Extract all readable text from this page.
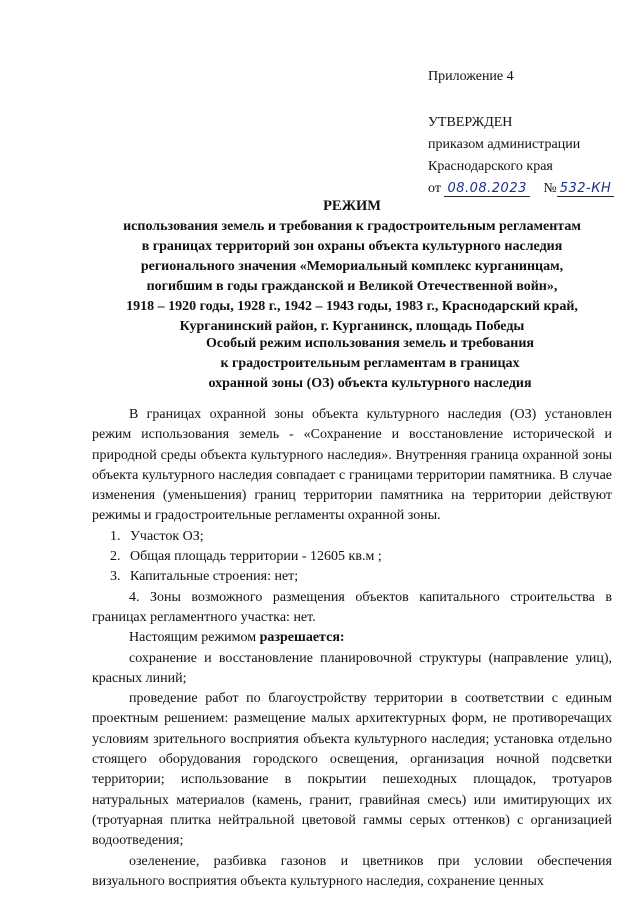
Приложение 4
УТВЕРЖДЕН
приказом администрации
Краснодарского края
от 08.08.2023 № 532-КН
РЕЖИМ
использования земель и требования к градостроительным регламентам
в границах территорий зон охраны объекта культурного наследия
регионального значения «Мемориальный комплекс курганинцам,
погибшим в годы гражданской и Великой Отечественной войн»,
1918 – 1920 годы, 1928 г., 1942 – 1943 годы, 1983 г., Краснодарский край,
Курганинский район, г. Курганинск, площадь Победы
Особый режим использования земель и требования
к градостроительным регламентам в границах
охранной зоны (ОЗ) объекта культурного наследия

В границах охранной зоны объекта культурного наследия (ОЗ) установлен режим использования земель - «Сохранение и восстановление исторической и природной среды объекта культурного наследия». Внутренняя граница охранной зоны объекта культурного наследия совпадает с границами территории памятника. В случае изменения (уменьшения) границ территории памятника на территории действуют режимы и градостроительные регламенты охранной зоны.

1. Участок ОЗ;

2. Общая площадь территории - 12605 кв.м ;

3. Капитальные строения: нет;

4. Зоны возможного размещения объектов капитального строительства в границах регламентного участка: нет.

Настоящим режимом разрешается:

сохранение и восстановление планировочной структуры (направление улиц), красных линий;

проведение работ по благоустройству территории в соответствии с единым проектным решением: размещение малых архитектурных форм, не противоречащих условиям зрительного восприятия объекта культурного наследия; установка отдельно стоящего оборудования городского освещения, организация ночной подсветки территории; использование в покрытии пешеходных площадок, тротуаров натуральных материалов (камень, гранит, гравийная смесь) или имитирующих их (тротуарная плитка нейтральной цветовой гаммы серых оттенков) с организацией водоотведения;

озеленение, разбивка газонов и цветников при условии обеспечения визуального восприятия объекта культурного наследия, сохранение ценных
